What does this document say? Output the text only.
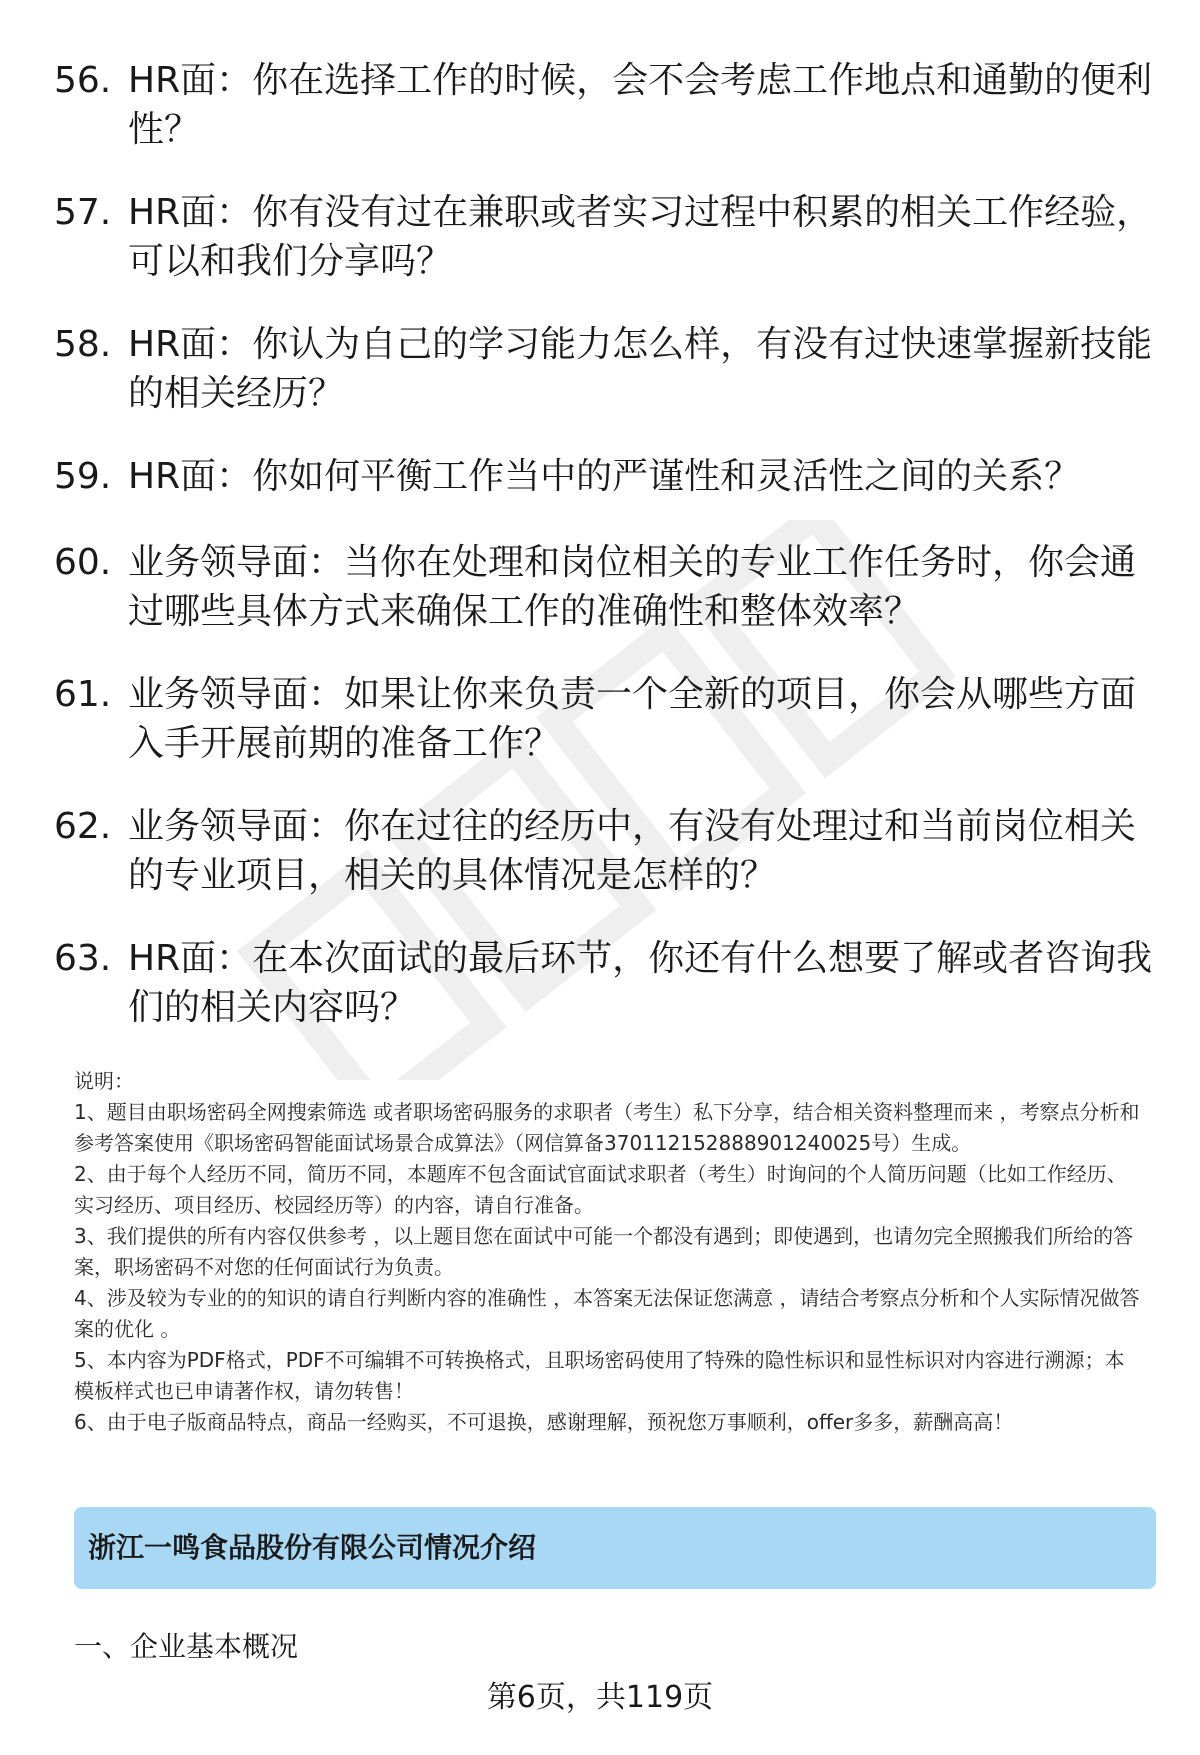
56. HR面：你在选择工作的时候，会不会考虑工作地点和通勤的便利性？
57. HR面：你有没有过在兼职或者实习过程中积累的相关工作经验，可以和我们分享吗？
58. HR面：你认为自己的学习能力怎么样，有没有过快速掌握新技能的相关经历？
59. HR面：你如何平衡工作当中的严谨性和灵活性之间的关系？
60. 业务领导面：当你在处理和岗位相关的专业工作任务时，你会通过哪些具体方式来确保工作的准确性和整体效率？
61. 业务领导面：如果让你来负责一个全新的项目，你会从哪些方面入手开展前期的准备工作？
62. 业务领导面：你在过往的经历中，有没有处理过和当前岗位相关的专业项目，相关的具体情况是怎样的？
63. HR面：在本次面试的最后环节，你还有什么想要了解或者咨询我们的相关内容吗？
说明：
1、题目由职场密码全网搜索筛选 或者职场密码服务的求职者（考生）私下分享，结合相关资料整理而来 ，考察点分析和参考答案使用《职场密码智能面试场景合成算法》（网信算备370112152888901240025号）生成。
2、由于每个人经历不同，简历不同，本题库不包含面试官面试求职者（考生）时询问的个人简历问题（比如工作经历、实习经历、项目经历、校园经历等）的内容，请自行准备。
3、我们提供的所有内容仅供参考 ，以上题目您在面试中可能一个都没有遇到；即使遇到，也请勿完全照搬我们所给的答案，职场密码不对您的任何面试行为负责。
4、涉及较为专业的的知识的请自行判断内容的准确性 ，本答案无法保证您满意 ，请结合考察点分析和个人实际情况做答案的优化 。
5、本内容为PDF格式，PDF不可编辑不可转换格式，且职场密码使用了特殊的隐性标识和显性标识对内容进行溯源；本模板样式也已申请著作权，请勿转售！
6、由于电子版商品特点，商品一经购买，不可退换，感谢理解，预祝您万事顺利，offer多多，薪酬高高！
浙江一鸣食品股份有限公司情况介绍
一、企业基本概况
第6页，共119页
